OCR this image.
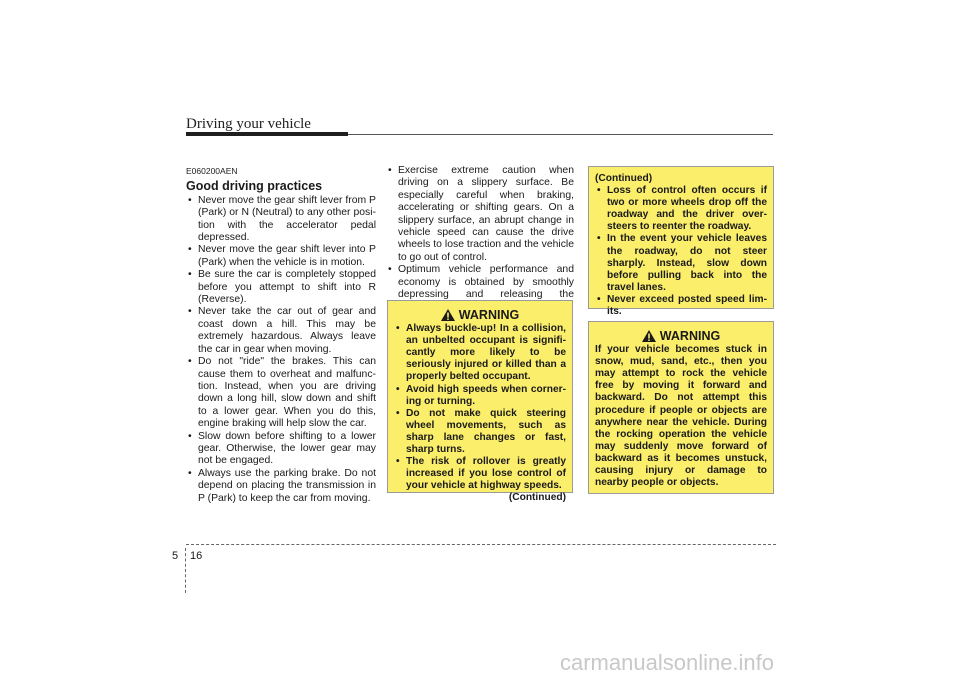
Driving your vehicle
E060200AEN
Good driving practices
• Never move the gear shift lever from P (Park) or N (Neutral) to any other posi-tion with the accelerator pedal depressed.
• Never move the gear shift lever into P (Park) when the vehicle is in motion.
• Be sure the car is completely stopped before you attempt to shift into R (Reverse).
• Never take the car out of gear and coast down a hill. This may be extremely hazardous. Always leave the car in gear when moving.
• Do not "ride" the brakes. This can cause them to overheat and malfunc-tion. Instead, when you are driving down a long hill, slow down and shift to a lower gear. When you do this, engine braking will help slow the car.
• Slow down before shifting to a lower gear. Otherwise, the lower gear may not be engaged.
• Always use the parking brake. Do not depend on placing the transmission in P (Park) to keep the car from moving.
• Exercise extreme caution when driving on a slippery surface. Be especially careful when braking, accelerating or shifting gears. On a slippery surface, an abrupt change in vehicle speed can cause the drive wheels to lose traction and the vehicle to go out of control.
• Optimum vehicle performance and economy is obtained by smoothly depressing and releasing the
WARNING
• Always buckle-up! In a collision, an unbelted occupant is signifi-cantly more likely to be seriously injured or killed than a properly belted occupant.
• Avoid high speeds when corner-ing or turning.
• Do not make quick steering wheel movements, such as sharp lane changes or fast, sharp turns.
• The risk of rollover is greatly increased if you lose control of your vehicle at highway speeds.
(Continued)
(Continued)
• Loss of control often occurs if two or more wheels drop off the roadway and the driver over-steers to reenter the roadway.
• In the event your vehicle leaves the roadway, do not steer sharply. Instead, slow down before pulling back into the travel lanes.
• Never exceed posted speed lim-its.
WARNING
If your vehicle becomes stuck in snow, mud, sand, etc., then you may attempt to rock the vehicle free by moving it forward and backward. Do not attempt this procedure if people or objects are anywhere near the vehicle. During the rocking operation the vehicle may suddenly move forward of backward as it becomes unstuck, causing injury or damage to nearby people or objects.
5 16
carmanualsonline.info
